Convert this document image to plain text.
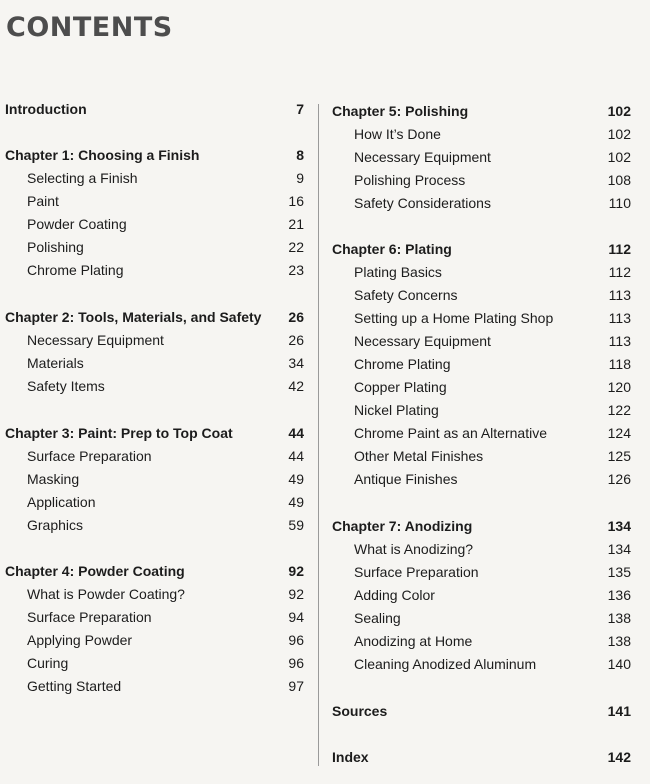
CONTENTS
Introduction	7
Chapter 1: Choosing a Finish	8
Selecting a Finish	9
Paint	16
Powder Coating	21
Polishing	22
Chrome Plating	23
Chapter 2: Tools, Materials, and Safety	26
Necessary Equipment	26
Materials	34
Safety Items	42
Chapter 3: Paint: Prep to Top Coat	44
Surface Preparation	44
Masking	49
Application	49
Graphics	59
Chapter 4: Powder Coating	92
What is Powder Coating?	92
Surface Preparation	94
Applying Powder	96
Curing	96
Getting Started	97
Chapter 5: Polishing	102
How It’s Done	102
Necessary Equipment	102
Polishing Process	108
Safety Considerations	110
Chapter 6: Plating	112
Plating Basics	112
Safety Concerns	113
Setting up a Home Plating Shop	113
Necessary Equipment	113
Chrome Plating	118
Copper Plating	120
Nickel Plating	122
Chrome Paint as an Alternative	124
Other Metal Finishes	125
Antique Finishes	126
Chapter 7: Anodizing	134
What is Anodizing?	134
Surface Preparation	135
Adding Color	136
Sealing	138
Anodizing at Home	138
Cleaning Anodized Aluminum	140
Sources	141
Index	142
